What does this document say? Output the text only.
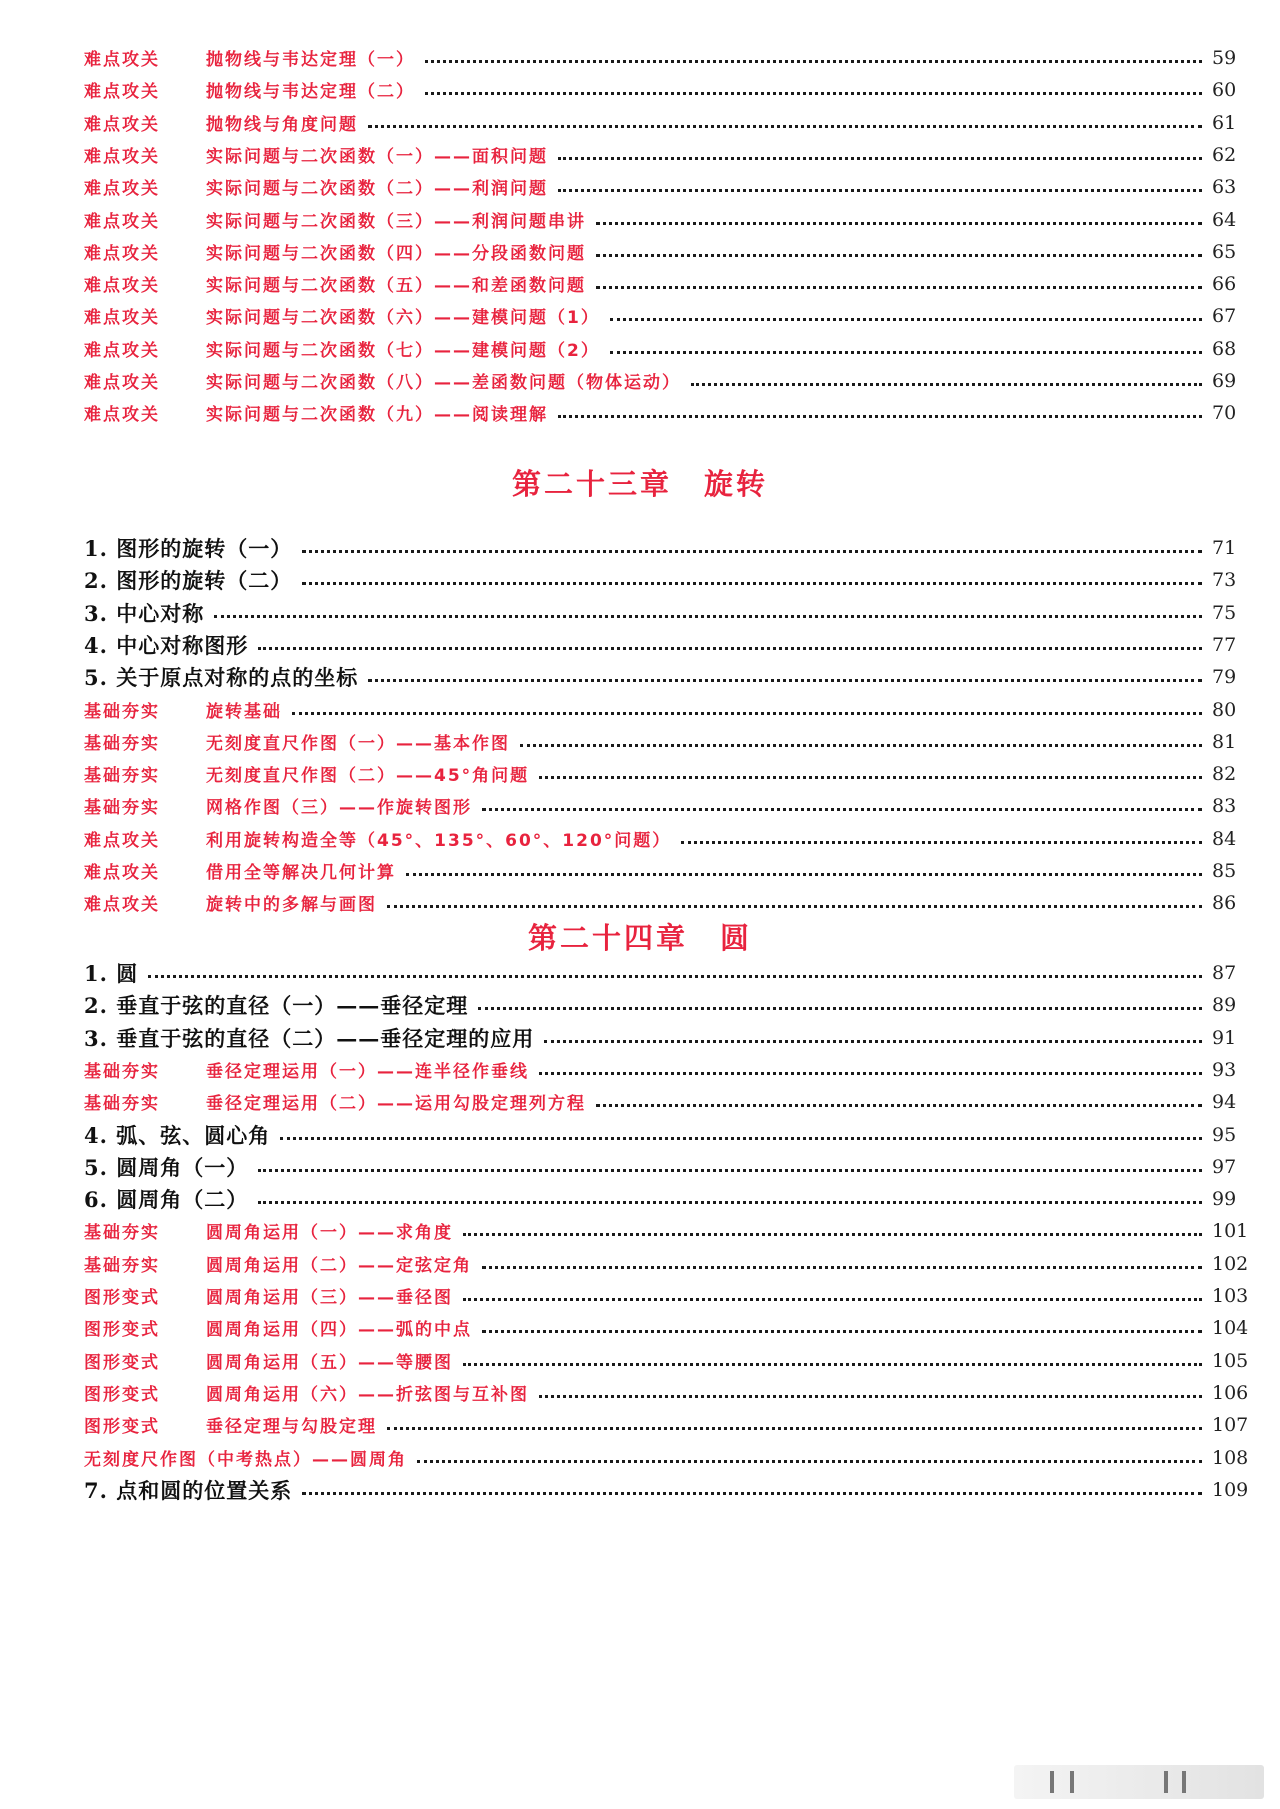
难点攻关	抛物线与韦达定理（一）	59
难点攻关	抛物线与韦达定理（二）	60
难点攻关	抛物线与角度问题	61
难点攻关	实际问题与二次函数（一）——面积问题	62
难点攻关	实际问题与二次函数（二）——利润问题	63
难点攻关	实际问题与二次函数（三）——利润问题串讲	64
难点攻关	实际问题与二次函数（四）——分段函数问题	65
难点攻关	实际问题与二次函数（五）——和差函数问题	66
难点攻关	实际问题与二次函数（六）——建模问题（1）	67
难点攻关	实际问题与二次函数（七）——建模问题（2）	68
难点攻关	实际问题与二次函数（八）——差函数问题（物体运动）	69
难点攻关	实际问题与二次函数（九）——阅读理解	70
第二十三章　旋转
1. 图形的旋转（一）	71
2. 图形的旋转（二）	73
3. 中心对称	75
4. 中心对称图形	77
5. 关于原点对称的点的坐标	79
基础夯实	旋转基础	80
基础夯实	无刻度直尺作图（一）——基本作图	81
基础夯实	无刻度直尺作图（二）——45°角问题	82
基础夯实	网格作图（三）——作旋转图形	83
难点攻关	利用旋转构造全等（45°、135°、60°、120°问题）	84
难点攻关	借用全等解决几何计算	85
难点攻关	旋转中的多解与画图	86
第二十四章　圆
1. 圆	87
2. 垂直于弦的直径（一）——垂径定理	89
3. 垂直于弦的直径（二）——垂径定理的应用	91
基础夯实	垂径定理运用（一）——连半径作垂线	93
基础夯实	垂径定理运用（二）——运用勾股定理列方程	94
4. 弧、弦、圆心角	95
5. 圆周角（一）	97
6. 圆周角（二）	99
基础夯实	圆周角运用（一）——求角度	101
基础夯实	圆周角运用（二）——定弦定角	102
图形变式	圆周角运用（三）——垂径图	103
图形变式	圆周角运用（四）——弧的中点	104
图形变式	圆周角运用（五）——等腰图	105
图形变式	圆周角运用（六）——折弦图与互补图	106
图形变式	垂径定理与勾股定理	107
无刻度尺作图（中考热点）——圆周角	108
7. 点和圆的位置关系	109
